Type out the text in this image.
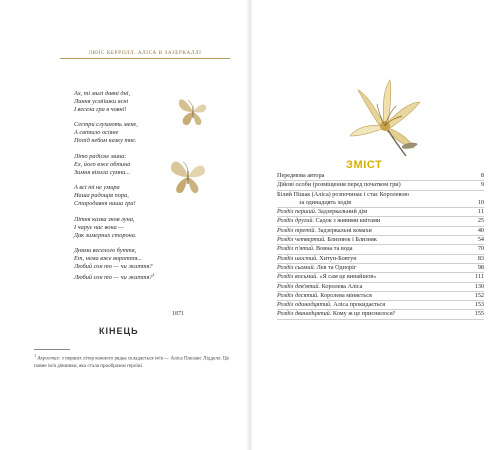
ЛЮЇС КЕРРОЛЛ. АЛІСА В ЗАЗЕРКАЛЛІ
Ах, ті милі давні дні,
Линня усміішки ясні
І весела гра в човні!
Сестри слухають мене,
А світило осіяне
Попід небом казку тне.
Літо радісне мина:
Ех, його вже обтина
Зимня віхола сумна...
А всі ті не умира
Наша радощів пора,
Стародавня наша гра!
Літня казка знов луна,
І чарує нас вона —
Дак зимерних сторона.
Днями веселого буття,
Ет, нема вже вороття...
Любий сон то — чи життя?
Любий сон то — чи життя?$^1$
1871
КІНЕЦЬ
$^1$ Акростих: з перших літер кожного рядка складається ім'я — Аліса Плезанс Лідделл. Це повне ім'я дівчинки, яка стала прообразом героїні.
ЗМІСТ
Передмова автора	8
Дійові особи (розміщення перед початком гри)	9
Білий Пішак (Аліса) розпочинає і стає Королевою
за одинадцять ходів	10
Розділ перший. Задзеркальний дім	11
Розділ другий. Садок з живими квітами	25
Розділ третій. Задзеркальні комахи	40
Розділ четвертий. Близнюк і Близняк	54
Розділ п'ятий. Вовна та вода	70
Розділ шостий. Хитун-Бовтун	83
Розділ сьомий. Лев та Одноріг	98
Розділ восьмий. «Я сам це винайшов»	111
Розділ дев'ятий. Королева Аліса	130
Розділ десятий. Королева міняється	152
Розділ одинадцятий. Аліса прокидається	153
Розділ дванадцятий. Кому ж це приснилося?	155
